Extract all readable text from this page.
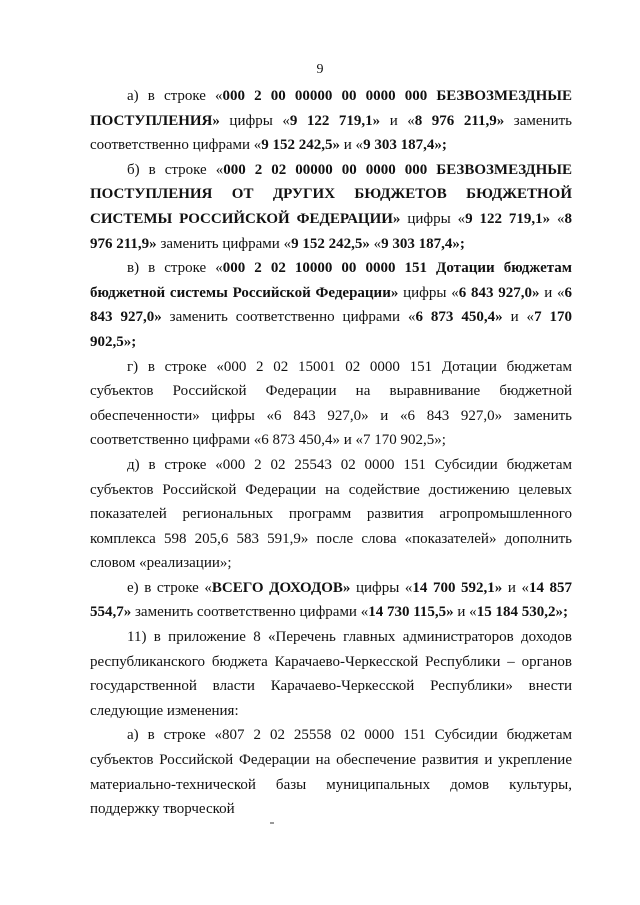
9

а) в строке «000 2 00 00000 00 0000 000 БЕЗВОЗМЕЗДНЫЕ ПОСТУПЛЕНИЯ» цифры «9 122 719,1» и «8 976 211,9» заменить соответственно цифрами «9 152 242,5» и «9 303 187,4»;

б) в строке «000 2 02 00000 00 0000 000 БЕЗВОЗМЕЗДНЫЕ ПОСТУПЛЕНИЯ ОТ ДРУГИХ БЮДЖЕТОВ БЮДЖЕТНОЙ СИСТЕМЫ РОССИЙСКОЙ ФЕДЕРАЦИИ» цифры «9 122 719,1» «8 976 211,9» заменить цифрами «9 152 242,5» «9 303 187,4»;

в) в строке «000 2 02 10000 00 0000 151 Дотации бюджетам бюджетной системы Российской Федерации» цифры «6 843 927,0» и «6 843 927,0» заменить соответственно цифрами «6 873 450,4» и «7 170 902,5»;

г) в строке «000 2 02 15001 02 0000 151 Дотации бюджетам субъектов Российской Федерации на выравнивание бюджетной обеспеченности» цифры «6 843 927,0» и «6 843 927,0» заменить соответственно цифрами «6 873 450,4» и «7 170 902,5»;

д) в строке «000 2 02 25543 02 0000 151 Субсидии бюджетам субъектов Российской Федерации на содействие достижению целевых показателей региональных программ развития агропромышленного комплекса 598 205,6 583 591,9» после слова «показателей» дополнить словом «реализации»;

е) в строке «ВСЕГО ДОХОДОВ» цифры «14 700 592,1» и «14 857 554,7» заменить соответственно цифрами «14 730 115,5» и «15 184 530,2»;

11) в приложение 8 «Перечень главных администраторов доходов республиканского бюджета Карачаево-Черкесской Республики – органов государственной власти Карачаево-Черкесской Республики» внести следующие изменения:

а) в строке «807 2 02 25558 02 0000 151 Субсидии бюджетам субъектов Российской Федерации на обеспечение развития и укрепление материально-технической базы муниципальных домов культуры, поддержку творческой
